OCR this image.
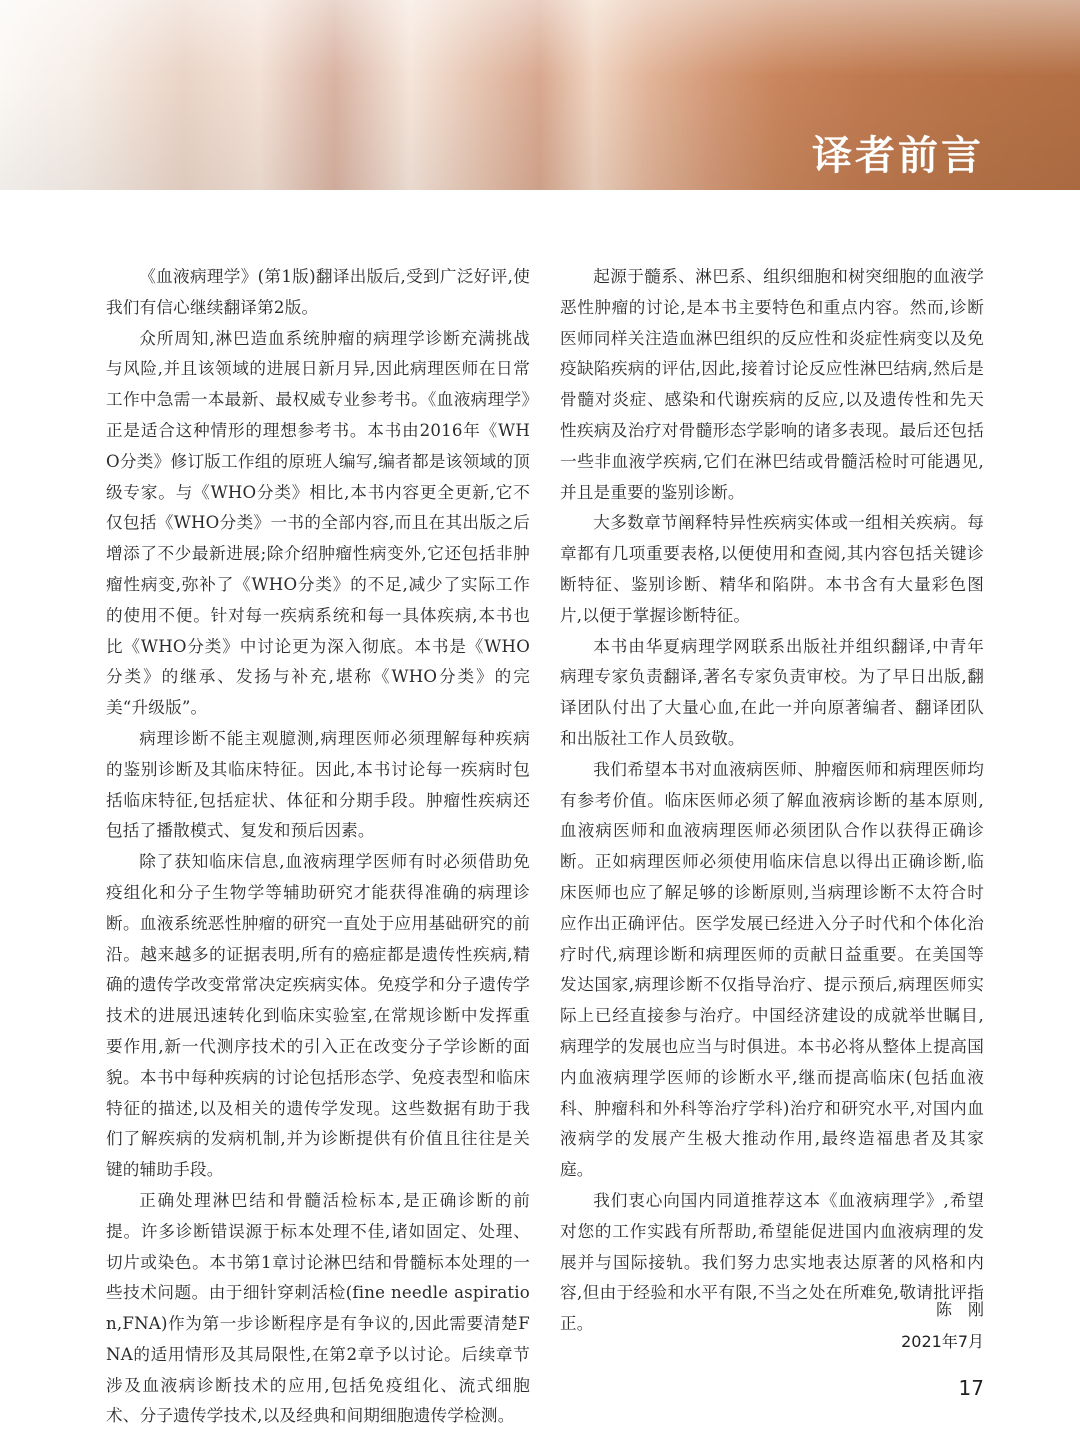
译者前言

《血液病理学》(第1版)翻译出版后,受到广泛好评,使我们有信心继续翻译第2版。

众所周知,淋巴造血系统肿瘤的病理学诊断充满挑战与风险,并且该领域的进展日新月异,因此病理医师在日常工作中急需一本最新、最权威专业参考书。《血液病理学》正是适合这种情形的理想参考书。本书由2016年《WHO分类》修订版工作组的原班人编写,编者都是该领域的顶级专家。与《WHO分类》相比,本书内容更全更新,它不仅包括《WHO分类》一书的全部内容,而且在其出版之后增添了不少最新进展;除介绍肿瘤性病变外,它还包括非肿瘤性病变,弥补了《WHO分类》的不足,减少了实际工作的使用不便。针对每一疾病系统和每一具体疾病,本书也比《WHO分类》中讨论更为深入彻底。本书是《WHO分类》的继承、发扬与补充,堪称《WHO分类》的完美“升级版”。

病理诊断不能主观臆测,病理医师必须理解每种疾病的鉴别诊断及其临床特征。因此,本书讨论每一疾病时包括临床特征,包括症状、体征和分期手段。肿瘤性疾病还包括了播散模式、复发和预后因素。

除了获知临床信息,血液病理学医师有时必须借助免疫组化和分子生物学等辅助研究才能获得准确的病理诊断。血液系统恶性肿瘤的研究一直处于应用基础研究的前沿。越来越多的证据表明,所有的癌症都是遗传性疾病,精确的遗传学改变常常决定疾病实体。免疫学和分子遗传学技术的进展迅速转化到临床实验室,在常规诊断中发挥重要作用,新一代测序技术的引入正在改变分子学诊断的面貌。本书中每种疾病的讨论包括形态学、免疫表型和临床特征的描述,以及相关的遗传学发现。这些数据有助于我们了解疾病的发病机制,并为诊断提供有价值且往往是关键的辅助手段。

正确处理淋巴结和骨髓活检标本,是正确诊断的前提。许多诊断错误源于标本处理不佳,诸如固定、处理、切片或染色。本书第1章讨论淋巴结和骨髓标本处理的一些技术问题。由于细针穿刺活检(fine needle aspiration,FNA)作为第一步诊断程序是有争议的,因此需要清楚FNA的适用情形及其局限性,在第2章予以讨论。后续章节涉及血液病诊断技术的应用,包括免疫组化、流式细胞术、分子遗传学技术,以及经典和间期细胞遗传学检测。

起源于髓系、淋巴系、组织细胞和树突细胞的血液学恶性肿瘤的讨论,是本书主要特色和重点内容。然而,诊断医师同样关注造血淋巴组织的反应性和炎症性病变以及免疫缺陷疾病的评估,因此,接着讨论反应性淋巴结病,然后是骨髓对炎症、感染和代谢疾病的反应,以及遗传性和先天性疾病及治疗对骨髓形态学影响的诸多表现。最后还包括一些非血液学疾病,它们在淋巴结或骨髓活检时可能遇见,并且是重要的鉴别诊断。

大多数章节阐释特异性疾病实体或一组相关疾病。每章都有几项重要表格,以便使用和查阅,其内容包括关键诊断特征、鉴别诊断、精华和陷阱。本书含有大量彩色图片,以便于掌握诊断特征。

本书由华夏病理学网联系出版社并组织翻译,中青年病理专家负责翻译,著名专家负责审校。为了早日出版,翻译团队付出了大量心血,在此一并向原著编者、翻译团队和出版社工作人员致敬。

我们希望本书对血液病医师、肿瘤医师和病理医师均有参考价值。临床医师必须了解血液病诊断的基本原则,血液病医师和血液病理医师必须团队合作以获得正确诊断。正如病理医师必须使用临床信息以得出正确诊断,临床医师也应了解足够的诊断原则,当病理诊断不太符合时应作出正确评估。医学发展已经进入分子时代和个体化治疗时代,病理诊断和病理医师的贡献日益重要。在美国等发达国家,病理诊断不仅指导治疗、提示预后,病理医师实际上已经直接参与治疗。中国经济建设的成就举世瞩目,病理学的发展也应当与时俱进。本书必将从整体上提高国内血液病理学医师的诊断水平,继而提高临床(包括血液科、肿瘤科和外科等治疗学科)治疗和研究水平,对国内血液病学的发展产生极大推动作用,最终造福患者及其家庭。

我们衷心向国内同道推荐这本《血液病理学》,希望对您的工作实践有所帮助,希望能促进国内血液病理的发展并与国际接轨。我们努力忠实地表达原著的风格和内容,但由于经验和水平有限,不当之处在所难免,敬请批评指正。

陈刚
2021年7月
17
